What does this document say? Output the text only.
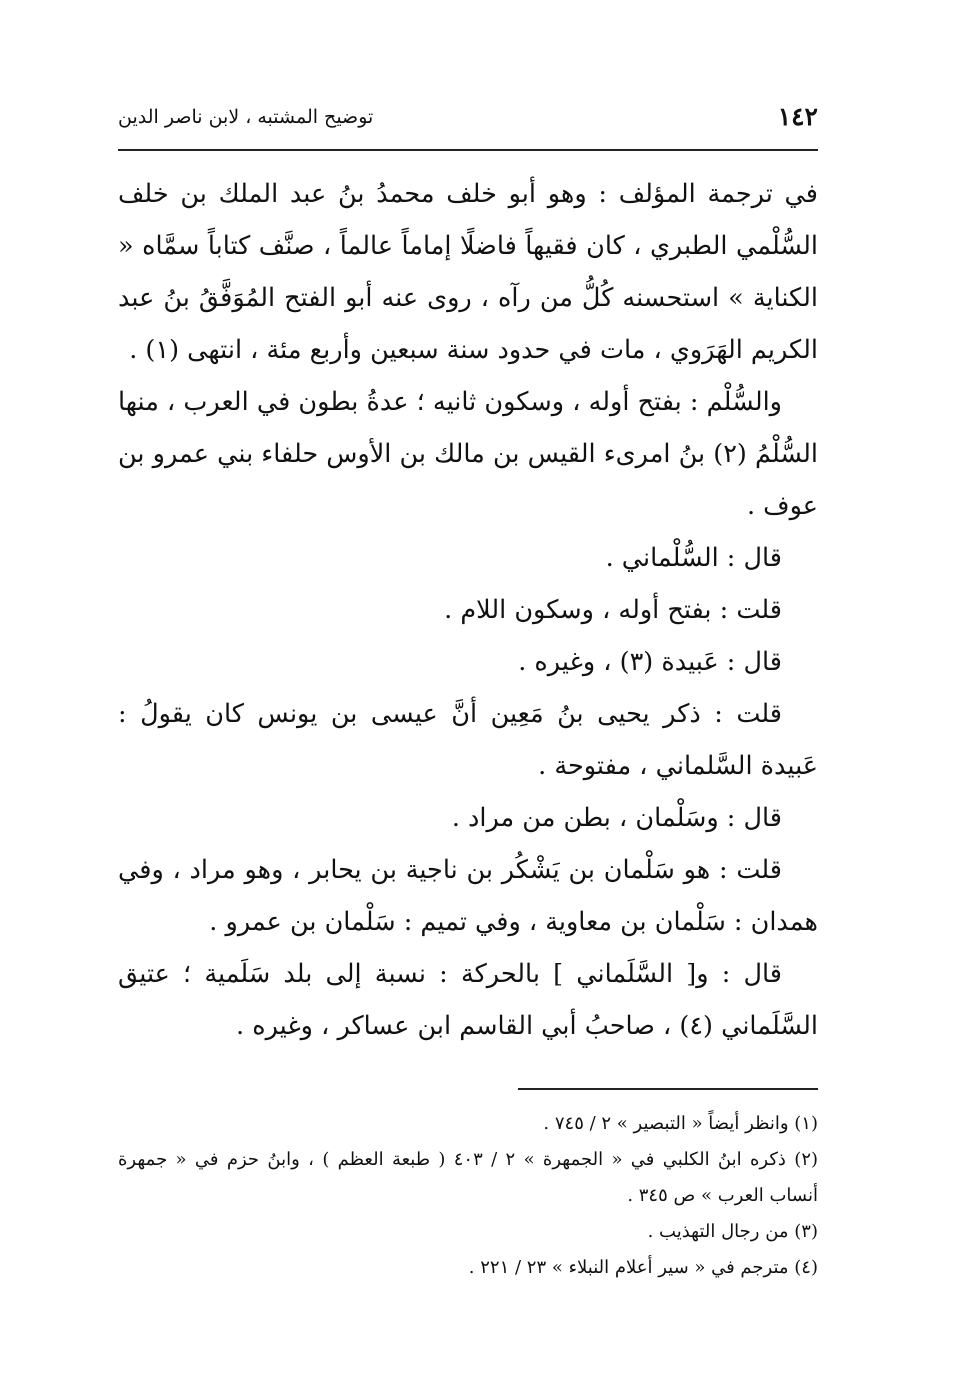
١٤٢
توضيح المشتبه ، لابن ناصر الدين

في ترجمة المؤلف : وهو أبو خلف محمدُ بنُ عبد الملك بن خلف السُّلْمي الطبري ، كان فقيهاً فاضلًا إماماً عالماً ، صنَّف كتاباً سمَّاه « الكناية » استحسنه كُلُّ من رآه ، روى عنه أبو الفتح المُوَفَّقُ بنُ عبد الكريم الهَرَوي ، مات في حدود سنة سبعين وأربع مئة ، انتهى (١) .

والسُّلْم : بفتح أوله ، وسكون ثانيه ؛ عدةُ بطون في العرب ، منها السُّلْمُ (٢) بنُ امرىء القيس بن مالك بن الأوس حلفاء بني عمرو بن عوف .

قال : السُّلْماني .

قلت : بفتح أوله ، وسكون اللام .

قال : عَبيدة (٣) ، وغيره .

قلت : ذكر يحيى بنُ مَعِين أنَّ عيسى بن يونس كان يقولُ : عَبيدة السَّلماني ، مفتوحة .

قال : وسَلْمان ، بطن من مراد .

قلت : هو سَلْمان بن يَشْكُر بن ناجية بن يحابر ، وهو مراد ، وفي همدان : سَلْمان بن معاوية ، وفي تميم : سَلْمان بن عمرو .

قال : و[ السَّلَماني ] بالحركة : نسبة إلى بلد سَلَمية ؛ عتيق السَّلَماني (٤) ، صاحبُ أبي القاسم ابن عساكر ، وغيره .

(١) وانظر أيضاً « التبصير » ٢ / ٧٤٥ .

(٢) ذكره ابنُ الكلبي في « الجمهرة » ٢ / ٤٠٣ ( طبعة العظم ) ، وابنُ حزم في « جمهرة أنساب العرب » ص ٣٤٥ .

(٣) من رجال التهذيب .

(٤) مترجم في « سير أعلام النبلاء » ٢٣ / ٢٢١ .
